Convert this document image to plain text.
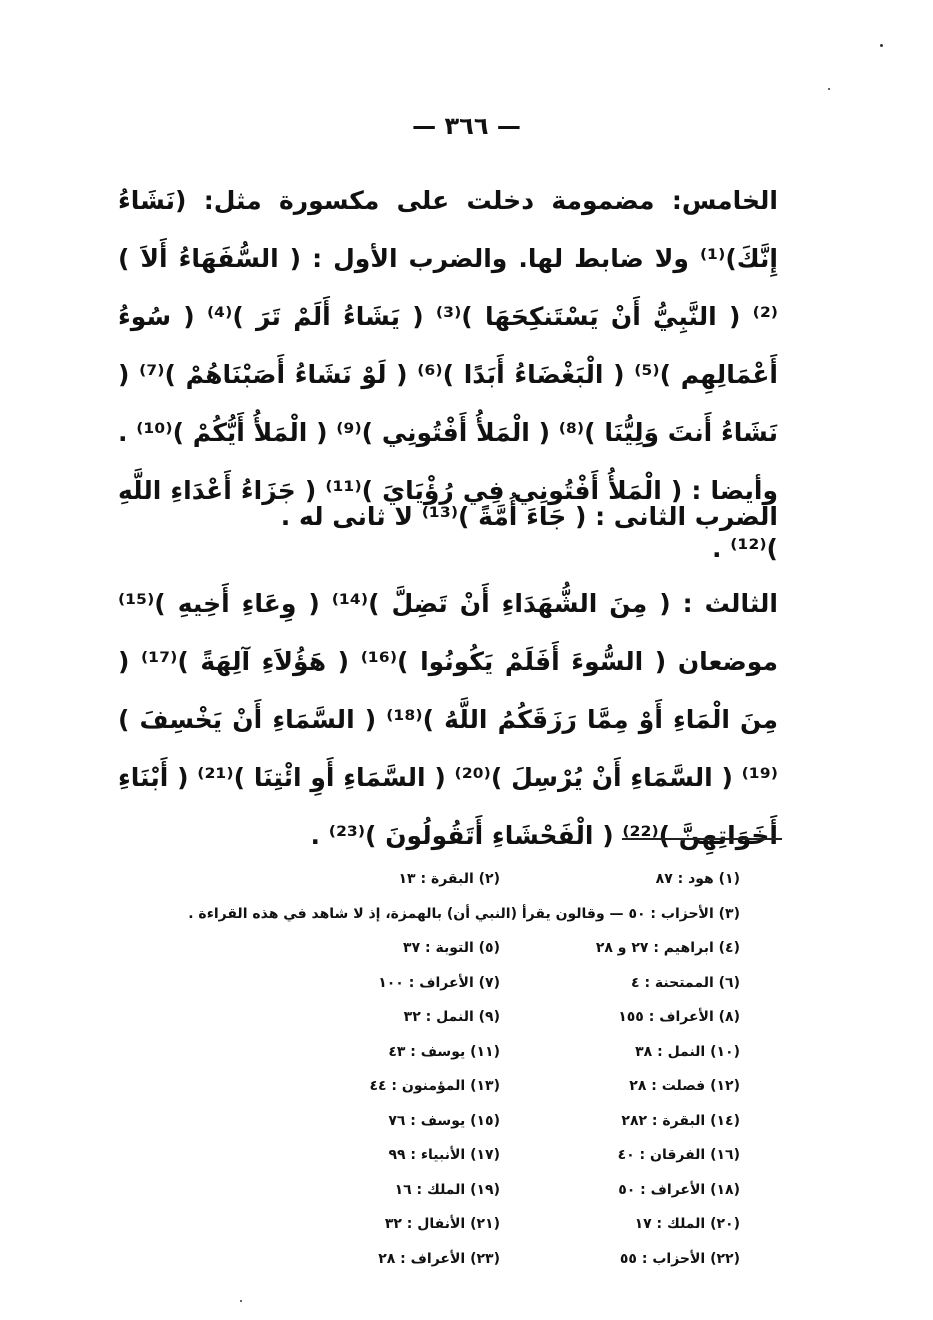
— ٣٦٦ —
الخامس: مضمومة دخلت على مكسورة مثل: (نَشَاءُ إِنَّكَ)⁽¹⁾ ولا ضابط لها. والضرب الأول : ( السُّفَهَاءُ أَلاَ )⁽²⁾ ( النَّبِيُّ أَنْ يَسْتَنكِحَهَا )⁽³⁾ ( يَشَاءُ أَلَمْ تَرَ )⁽⁴⁾ ( سُوءُ أَعْمَالِهِم )⁽⁵⁾ ( الْبَغْضَاءُ أَبَدًا )⁽⁶⁾ ( لَوْ نَشَاءُ أَصَبْنَاهُمْ )⁽⁷⁾ ( نَشَاءُ أَنتَ وَلِيُّنَا )⁽⁸⁾ ( الْمَلأُ أَفْتُونِي )⁽⁹⁾ ( الْمَلأُ أَيُّكُمْ )⁽¹⁰⁾ . وأيضا : ( الْمَلأُ أَفْتُونِي فِي رُؤْيَايَ )⁽¹¹⁾ ( جَزَاءُ أَعْدَاءِ اللَّهِ )⁽¹²⁾ .
الضرب الثانى : ( جَاءَ أُمَّةً )⁽¹³⁾ لا ثانى له .
الثالث : ( مِنَ الشُّهَدَاءِ أَنْ تَضِلَّ )⁽¹⁴⁾ ( وِعَاءِ أَخِيهِ )⁽¹⁵⁾ موضعان ( السُّوءَ أَفَلَمْ يَكُونُوا )⁽¹⁶⁾ ( هَؤُلاَءِ آلِهَةً )⁽¹⁷⁾ ( مِنَ الْمَاءِ أَوْ مِمَّا رَزَقَكُمُ اللَّهُ )⁽¹⁸⁾ ( السَّمَاءِ أَنْ يَخْسِفَ )⁽¹⁹⁾ ( السَّمَاءِ أَنْ يُرْسِلَ )⁽²⁰⁾ ( السَّمَاءِ أَوِ ائْتِنَا )⁽²¹⁾ ( أَبْنَاءِ أَخَوَاتِهِنَّ )⁽²²⁾ ( الْفَحْشَاءِ أَتَقُولُونَ )⁽²³⁾ .
(١) هود : ٨٧
(٢) البقرة : ١٣
(٣) الأحزاب : ٥٠ — وقالون يقرأ (النبي أن) بالهمزة، إذ لا شاهد في هذه القراءة .
(٤) ابراهيم : ٢٧ و ٢٨
(٥) التوبة : ٣٧
(٦) الممتحنة : ٤
(٧) الأعراف : ١٠٠
(٨) الأعراف : ١٥٥
(٩) النمل : ٣٢
(١٠) النمل : ٣٨
(١١) يوسف : ٤٣
(١٢) فصلت : ٢٨
(١٣) المؤمنون : ٤٤
(١٤) البقرة : ٢٨٢
(١٥) يوسف : ٧٦
(١٦) الفرقان : ٤٠
(١٧) الأنبياء : ٩٩
(١٨) الأعراف : ٥٠
(١٩) الملك : ١٦
(٢٠) الملك : ١٧
(٢١) الأنفال : ٣٢
(٢٢) الأحزاب : ٥٥
(٢٣) الأعراف : ٢٨
